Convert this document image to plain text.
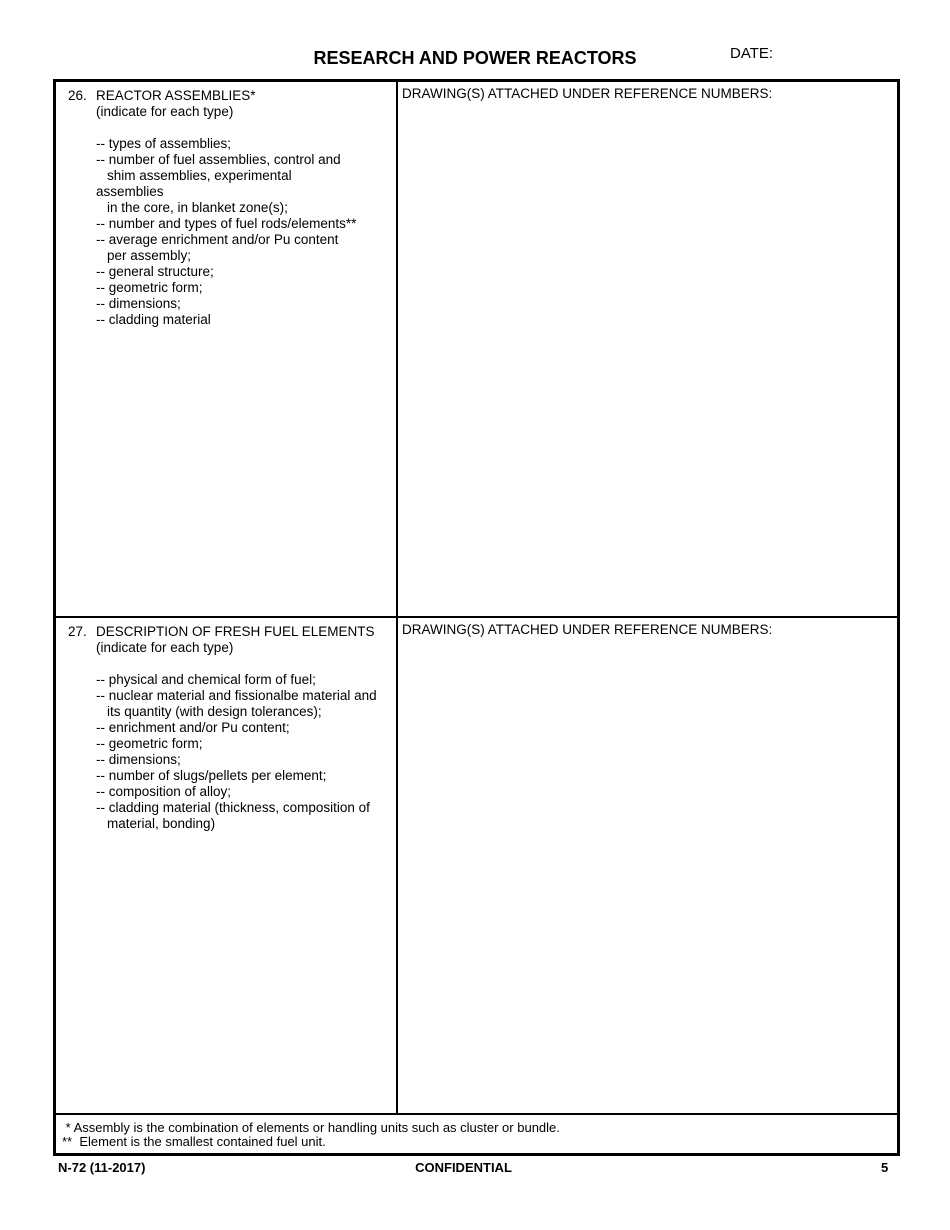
RESEARCH AND POWER REACTORS	DATE:
26. REACTOR ASSEMBLIES*
(indicate for each type)
-- types of assemblies;
-- number of fuel assemblies, control and
shim assemblies, experimental
assemblies
in the core, in blanket zone(s);
-- number and types of fuel rods/elements**
-- average enrichment and/or Pu content
per assembly;
-- general structure;
-- geometric form;
-- dimensions;
-- cladding material
DRAWING(S) ATTACHED UNDER REFERENCE NUMBERS:
27. DESCRIPTION OF FRESH FUEL ELEMENTS
(indicate for each type)
-- physical and chemical form of fuel;
-- nuclear material and fissionalbe material and
its quantity (with design tolerances);
-- enrichment and/or Pu content;
-- geometric form;
-- dimensions;
-- number of slugs/pellets per element;
-- composition of alloy;
-- cladding material (thickness, composition of
material, bonding)
DRAWING(S) ATTACHED UNDER REFERENCE NUMBERS:
* Assembly is the combination of elements or handling units such as cluster or bundle.
**  Element is the smallest contained fuel unit.
N-72 (11-2017)	CONFIDENTIAL	5
